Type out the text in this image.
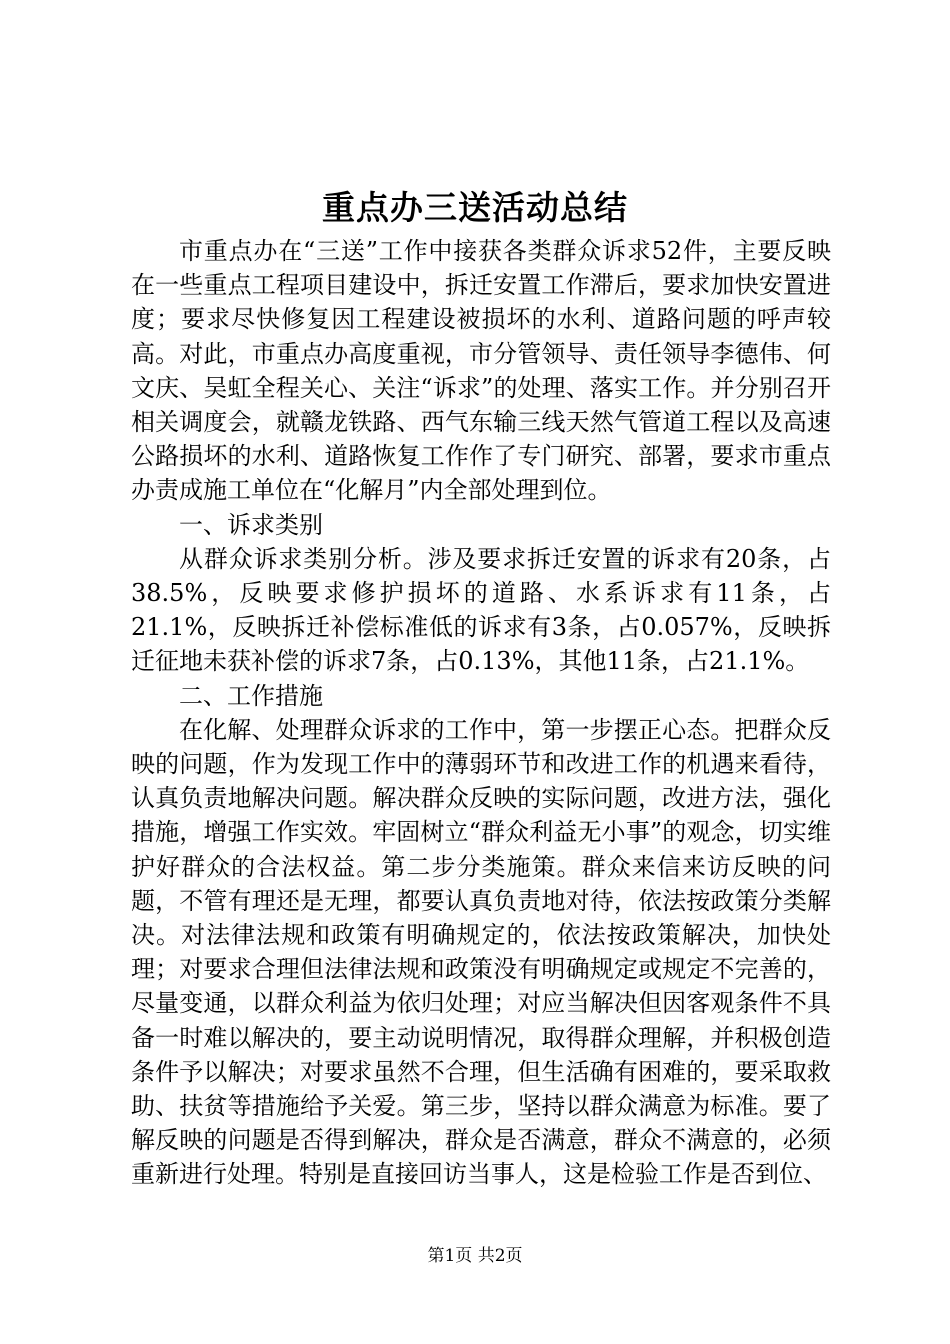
重点办三送活动总结

市重点办在“三送”工作中接获各类群众诉求52件，主要反映在一些重点工程项目建设中，拆迁安置工作滞后，要求加快安置进度；要求尽快修复因工程建设被损坏的水利、道路问题的呼声较高。对此，市重点办高度重视，市分管领导、责任领导李德伟、何文庆、吴虹全程关心、关注“诉求”的处理、落实工作。并分别召开相关调度会，就赣龙铁路、西气东输三线天然气管道工程以及高速公路损坏的水利、道路恢复工作作了专门研究、部署，要求市重点办责成施工单位在“化解月”内全部处理到位。

一、诉求类别

从群众诉求类别分析。涉及要求拆迁安置的诉求有20条，占38.5%，反映要求修护损坏的道路、水系诉求有11条，占21.1%，反映拆迁补偿标准低的诉求有3条，占0.057%，反映拆迁征地未获补偿的诉求7条，占0.13%，其他11条，占21.1%。

二、工作措施

在化解、处理群众诉求的工作中，第一步摆正心态。把群众反映的问题，作为发现工作中的薄弱环节和改进工作的机遇来看待，认真负责地解决问题。解决群众反映的实际问题，改进方法，强化措施，增强工作实效。牢固树立“群众利益无小事”的观念，切实维护好群众的合法权益。第二步分类施策。群众来信来访反映的问题，不管有理还是无理，都要认真负责地对待，依法按政策分类解决。对法律法规和政策有明确规定的，依法按政策解决，加快处理；对要求合理但法律法规和政策没有明确规定或规定不完善的，尽量变通，以群众利益为依归处理；对应当解决但因客观条件不具备一时难以解决的，要主动说明情况，取得群众理解，并积极创造条件予以解决；对要求虽然不合理，但生活确有困难的，要采取救助、扶贫等措施给予关爱。第三步，坚持以群众满意为标准。要了解反映的问题是否得到解决，群众是否满意，群众不满意的，必须重新进行处理。特别是直接回访当事人，这是检验工作是否到位、

第1页 共2页
